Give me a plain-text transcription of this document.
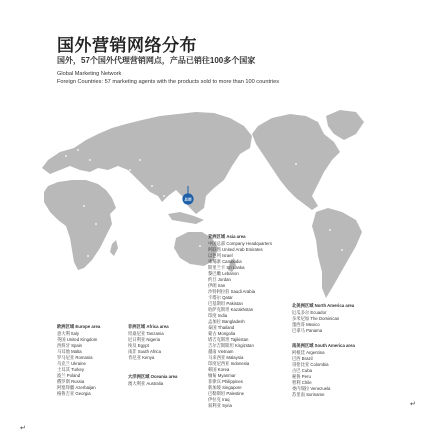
国外营销网络分布
国外，57个国外代理营销网点，产品已销往100多个国家
Global Marketing Network
Foreign Countries: 57 marketing agents with the products sold to more than 100 countries
总部
亚洲区域 Asia area
中国总部 Company Headquarters
阿联酋 United Arab Emirates
以色列 Israel
柬埔寨 Cambodia
斯里兰卡 Sri Lanka
黎巴嫩 Lebanon
约旦 Jordan
伊朗 Iran
沙特阿拉伯 Saudi Arabia
卡塔尔 Qatar
巴基斯坦 Pakistan
哈萨克斯坦 Kazakhstan
印度 India
孟加拉 Bangladesh
泰国 Thailand
蒙古 Mongolia
塔吉克斯坦 Tajikistan
吉尔吉斯斯坦 Kirgizstan
越南 Vietnam
马来西亚 Malaysia
印度尼西亚 Indonesia
韩国 Korea
缅甸 Myanmar
菲律宾 Philippines
新加坡 Singapore
巴勒斯坦 Palestine
伊拉克 Iraq
叙利亚 Syria
欧洲区域 Europe area
意大利 Italy
英国 United Kingdom
西班牙 Spain
马耳他 Malta
罗马尼亚 Romania
乌克兰 Ukraine
土耳其 Turkey
波兰 Poland
俄罗斯 Russia
阿塞拜疆 Azerbaijan
格鲁吉亚 Georgia
非洲区域 Africa area
坦桑尼亚 Tanzania
尼日利亚 Nigeria
埃及 Egypt
南非 South Africa
肯尼亚 Kenya
大洋洲区域 Oceania area
澳大利亚 Australia
北美洲区域 North America area
厄瓜多尔 Ecuador
多米尼加 The Dominican
墨西哥 Mexico
巴拿马 Panama
南美洲区域 South America area
阿根廷 Argentina
巴西 Brazil
哥伦比亚 Colombia
古巴 Cuba
秘鲁 Peru
智利 Chile
委内瑞拉 Venezuela
苏里南 Suriname
↵
↵
